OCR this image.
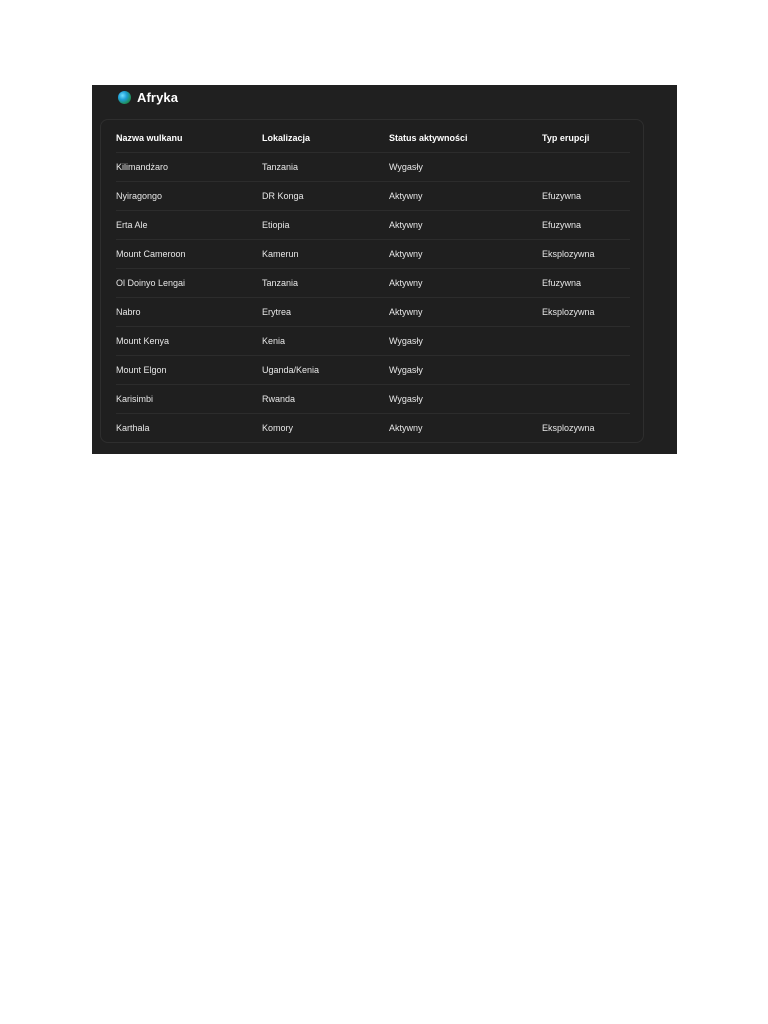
Afryka
Nazwa wulkanu	Lokalizacja	Status aktywności	Typ erupcji
Kilimandżaro	Tanzania	Wygasły	
Nyiragongo	DR Konga	Aktywny	Efuzywna
Erta Ale	Etiopia	Aktywny	Efuzywna
Mount Cameroon	Kamerun	Aktywny	Eksplozywna
Ol Doinyo Lengai	Tanzania	Aktywny	Efuzywna
Nabro	Erytrea	Aktywny	Eksplozywna
Mount Kenya	Kenia	Wygasły	
Mount Elgon	Uganda/Kenia	Wygasły	
Karisimbi	Rwanda	Wygasły	
Karthala	Komory	Aktywny	Eksplozywna
